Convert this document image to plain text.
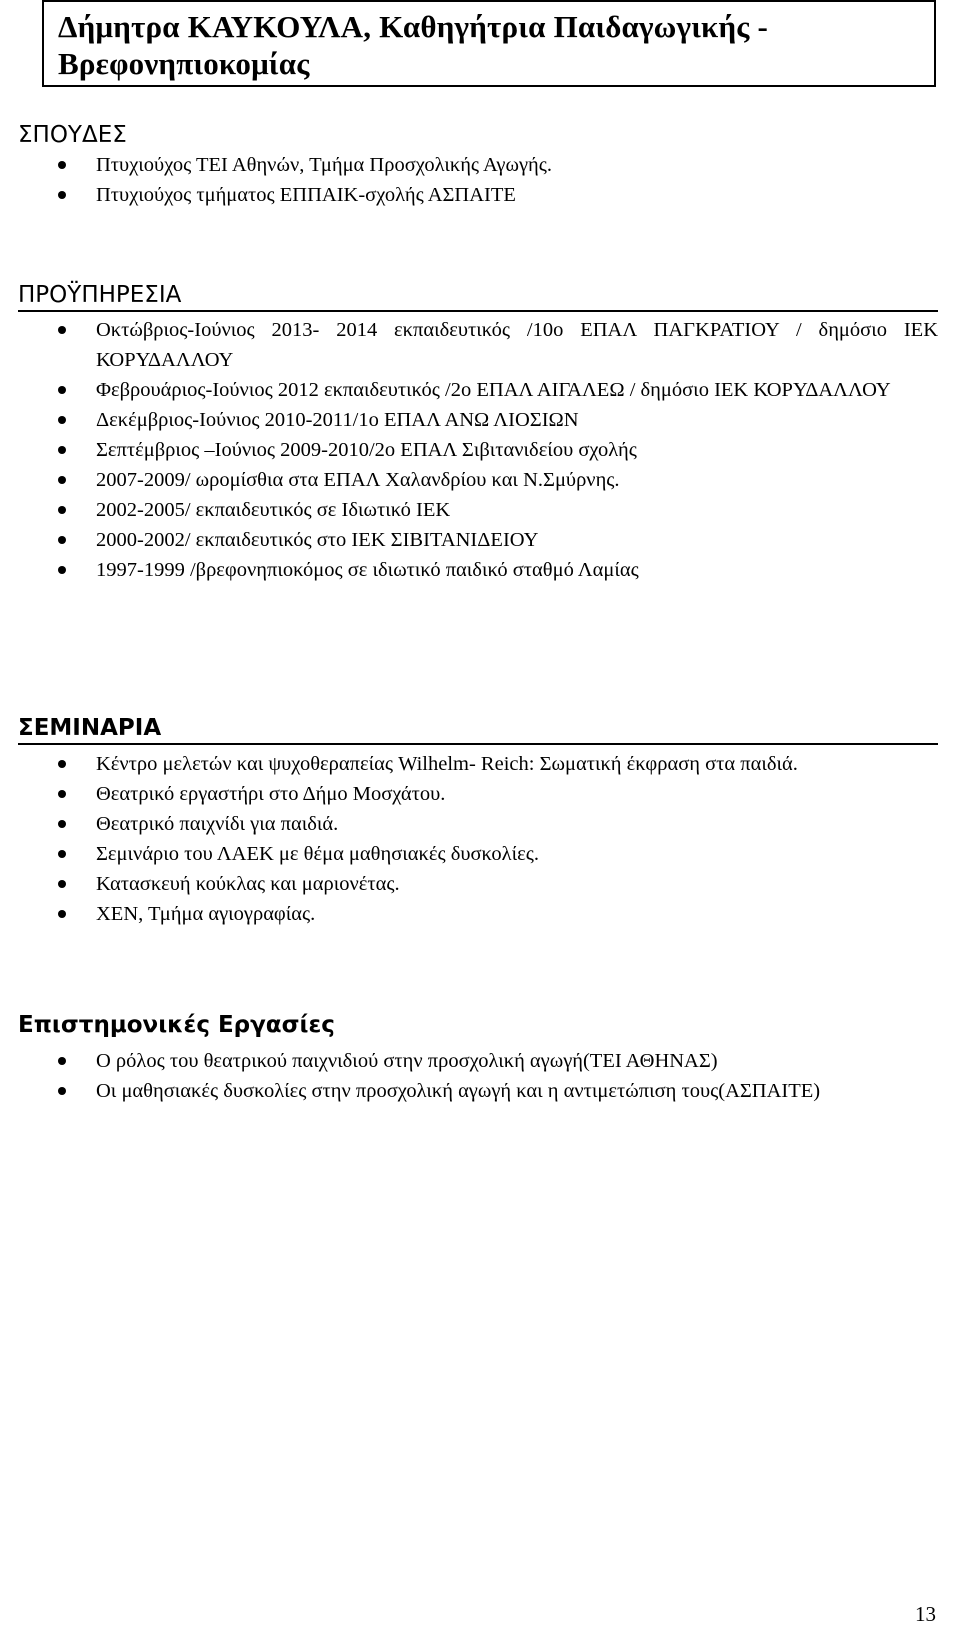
Δήμητρα ΚΑΥΚΟΥΛΑ, Καθηγήτρια Παιδαγωγικής -
Βρεφονηπιοκομίας
ΣΠΟΥΔΕΣ
Πτυχιούχος ΤΕΙ Αθηνών, Τμήμα Προσχολικής Αγωγής.
Πτυχιούχος τμήματος ΕΠΠΑΙΚ-σχολής ΑΣΠΑΙΤΕ
ΠΡΟΫΠΗΡΕΣΙΑ
Οκτώβριος-Ιούνιος 2013- 2014 εκπαιδευτικός /10ο ΕΠΑΛ ΠΑΓΚΡΑΤΙΟΥ / δημόσιο ΙΕΚ ΚΟΡΥΔΑΛΛΟΥ
Φεβρουάριος-Ιούνιος 2012 εκπαιδευτικός /2ο ΕΠΑΛ ΑΙΓΑΛΕΩ / δημόσιο ΙΕΚ ΚΟΡΥΔΑΛΛΟΥ
Δεκέμβριος-Ιούνιος 2010-2011/1ο ΕΠΑΛ ΑΝΩ ΛΙΟΣΙΩΝ
Σεπτέμβριος –Ιούνιος 2009-2010/2ο ΕΠΑΛ Σιβιτανιδείου σχολής
2007-2009/ ωρομίσθια στα ΕΠΑΛ Χαλανδρίου και Ν.Σμύρνης.
2002-2005/ εκπαιδευτικός σε Ιδιωτικό ΙΕΚ
2000-2002/ εκπαιδευτικός στο ΙΕΚ ΣΙΒΙΤΑΝΙΔΕΙΟΥ
1997-1999 /βρεφονηπιοκόμος σε ιδιωτικό παιδικό σταθμό Λαμίας
ΣΕΜΙΝΑΡΙΑ
Κέντρο μελετών και ψυχοθεραπείας Wilhelm- Reich: Σωματική έκφραση στα παιδιά.
Θεατρικό εργαστήρι στο Δήμο Μοσχάτου.
Θεατρικό παιχνίδι για παιδιά.
Σεμινάριο του ΛΑΕΚ με θέμα μαθησιακές δυσκολίες.
Κατασκευή κούκλας και μαριονέτας.
ΧΕΝ, Τμήμα αγιογραφίας.
Επιστημονικές Εργασίες
Ο ρόλος του θεατρικού παιχνιδιού στην προσχολική αγωγή(ΤΕΙ ΑΘΗΝΑΣ)
Οι μαθησιακές δυσκολίες στην προσχολική αγωγή και η αντιμετώπιση τους(ΑΣΠΑΙΤΕ)
13
